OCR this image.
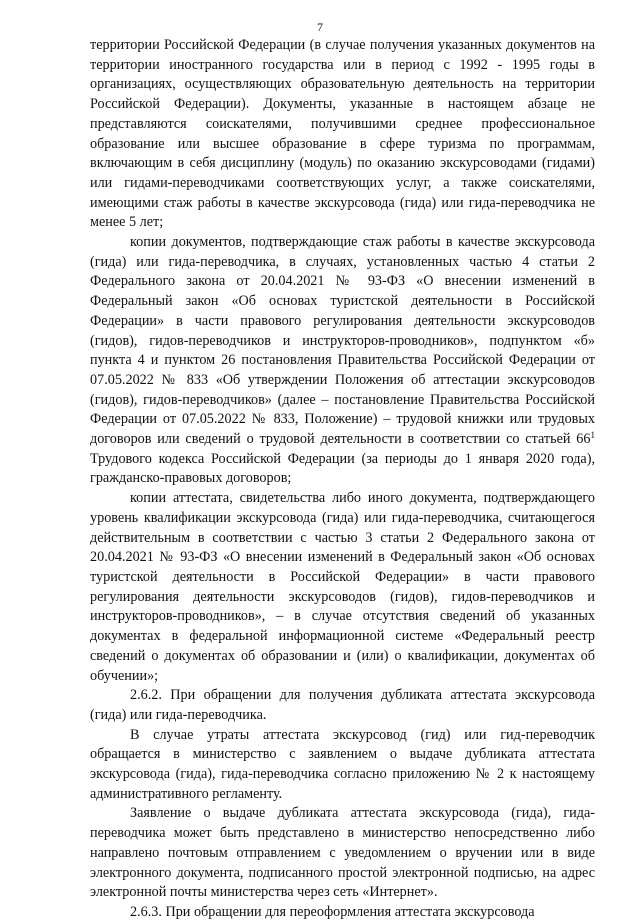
7

территории Российской Федерации (в случае получения указанных документов на территории иностранного государства или в период с 1992 - 1995 годы в организациях, осуществляющих образовательную деятельность на территории Российской Федерации). Документы, указанные в настоящем абзаце не представляются соискателями, получившими среднее профессиональное образование или высшее образование в сфере туризма по программам, включающим в себя дисциплину (модуль) по оказанию экскурсоводами (гидами) или гидами-переводчиками соответствующих услуг, а также соискателями, имеющими стаж работы в качестве экскурсовода (гида) или гида-переводчика не менее 5 лет;

копии документов, подтверждающие стаж работы в качестве экскурсовода (гида) или гида-переводчика, в случаях, установленных частью 4 статьи 2 Федерального закона от 20.04.2021 № 93-ФЗ «О внесении изменений в Федеральный закон «Об основах туристской деятельности в Российской Федерации» в части правового регулирования деятельности экскурсоводов (гидов), гидов-переводчиков и инструкторов-проводников», подпунктом «б» пункта 4 и пунктом 26 постановления Правительства Российской Федерации от 07.05.2022 № 833 «Об утверждении Положения об аттестации экскурсоводов (гидов), гидов-переводчиков» (далее – постановление Правительства Российской Федерации от 07.05.2022 № 833, Положение) – трудовой книжки или трудовых договоров или сведений о трудовой деятельности в соответствии со статьей $66^1$ Трудового кодекса Российской Федерации (за периоды до 1 января 2020 года), гражданско-правовых договоров;

копии аттестата, свидетельства либо иного документа, подтверждающего уровень квалификации экскурсовода (гида) или гида-переводчика, считающегося действительным в соответствии с частью 3 статьи 2 Федерального закона от 20.04.2021 № 93-ФЗ «О внесении изменений в Федеральный закон «Об основах туристской деятельности в Российской Федерации» в части правового регулирования деятельности экскурсоводов (гидов), гидов-переводчиков и инструкторов-проводников», – в случае отсутствия сведений об указанных документах в федеральной информационной системе «Федеральный реестр сведений о документах об образовании и (или) о квалификации, документах об обучении»;

2.6.2. При обращении для получения дубликата аттестата экскурсовода (гида) или гида-переводчика.

В случае утраты аттестата экскурсовод (гид) или гид-переводчик обращается в министерство с заявлением о выдаче дубликата аттестата экскурсовода (гида), гида-переводчика согласно приложению № 2 к настоящему административного регламенту.

Заявление о выдаче дубликата аттестата экскурсовода (гида), гида-переводчика может быть представлено в министерство непосредственно либо направлено почтовым отправлением с уведомлением о вручении или в виде электронного документа, подписанного простой электронной подписью, на адрес электронной почты министерства через сеть «Интернет».

2.6.3. При обращении для переоформления аттестата экскурсовода
